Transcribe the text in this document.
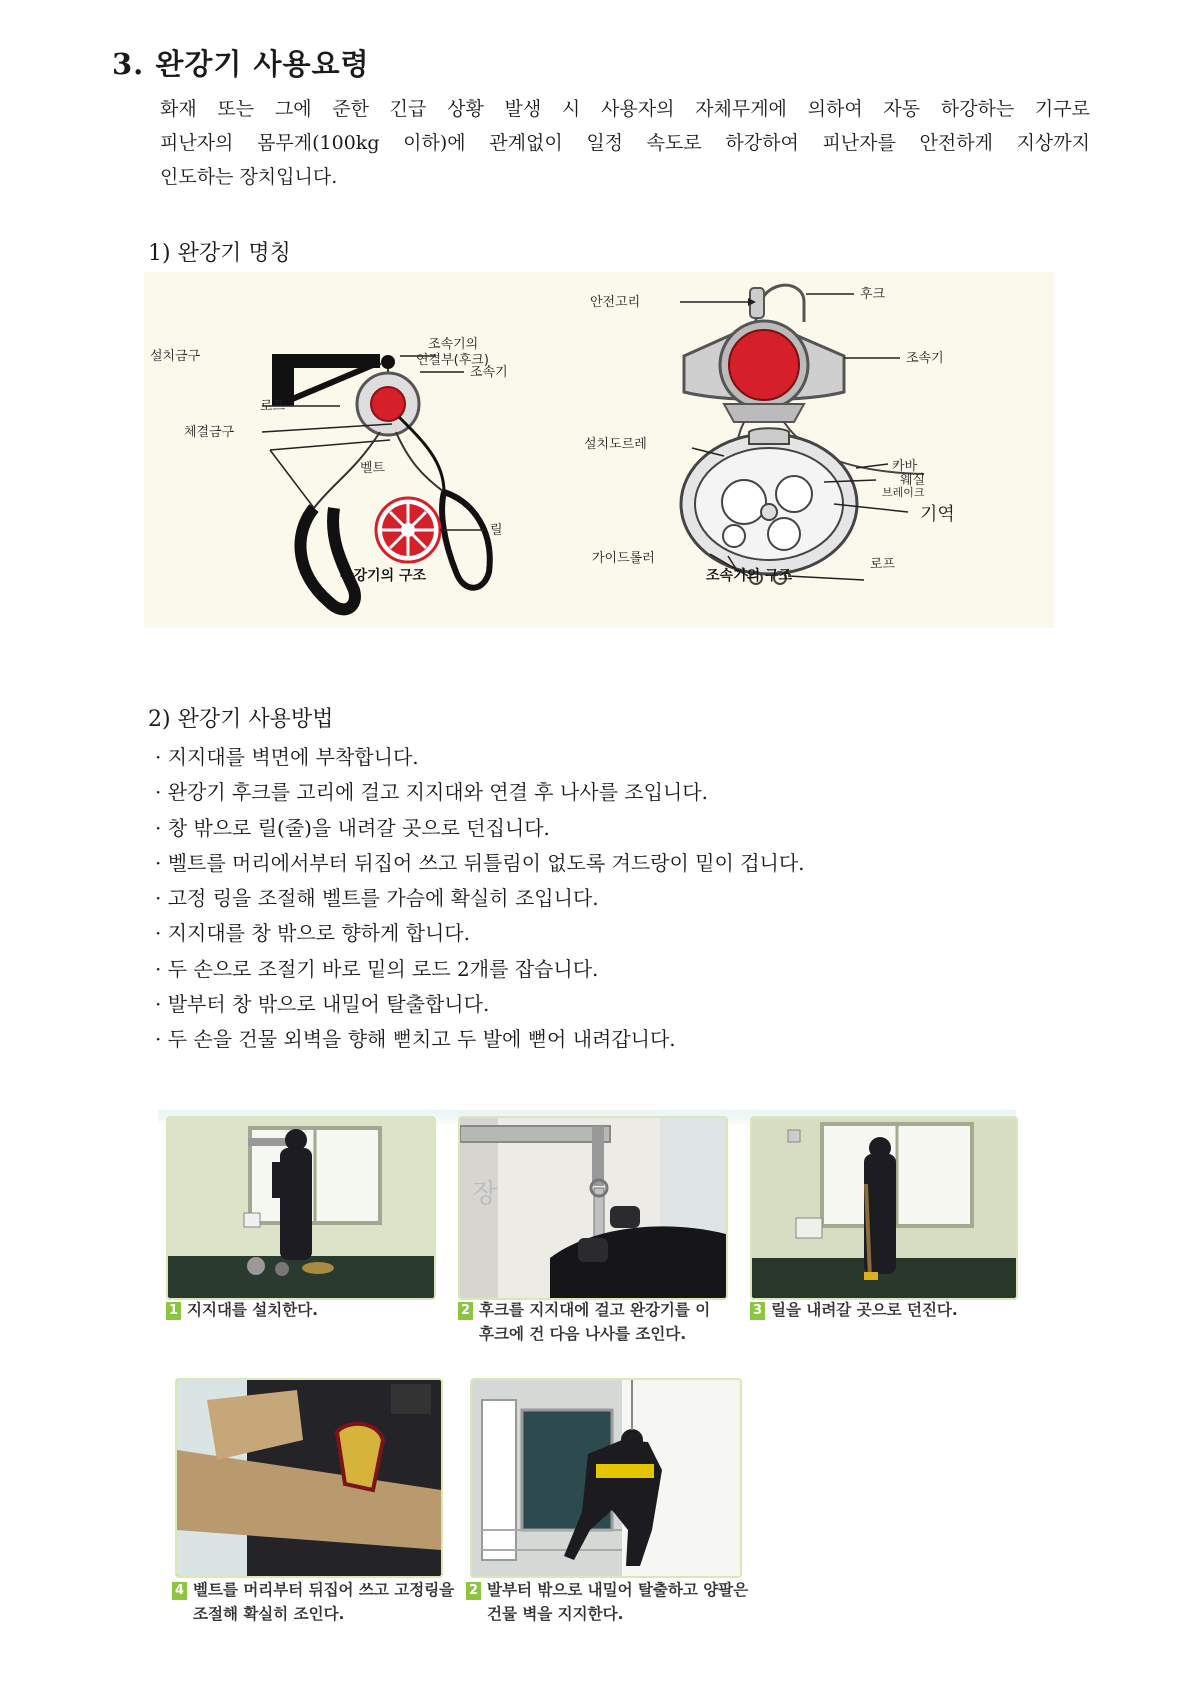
3. 완강기 사용요령

화재 또는 그에 준한 긴급 상황 발생 시 사용자의 자체무게에 의하여 자동 하강하는 기구로

피난자의 몸무게(100kg 이하)에 관계없이 일정 속도로 하강하여 피난자를 안전하게 지상까지

인도하는 장치입니다.

1) 완강기 명칭
설치금구
조속기의
연결부(후크)
조속기
로프
체결금구
벨트
릴
완강기의 구조
안전고리
후크
조속기
설치도르레
카바
웨실
브레이크
기역
가이드롤러	로프
조속기의 구조
2) 완강기 사용방법
· 지지대를 벽면에 부착합니다.
· 완강기 후크를 고리에 걸고 지지대와 연결 후 나사를 조입니다.
· 창 밖으로 릴(줄)을 내려갈 곳으로 던집니다.
· 벨트를 머리에서부터 뒤집어 쓰고 뒤틀림이 없도록 겨드랑이 밑이 겁니다.
· 고정 링을 조절해 벨트를 가슴에 확실히 조입니다.
· 지지대를 창 밖으로 향하게 합니다.
· 두 손으로 조절기 바로 밑의 로드 2개를 잡습니다.
· 발부터 창 밖으로 내밀어 탈출합니다.
· 두 손을 건물 외벽을 향해 뻗치고 두 발에 뻗어 내려갑니다.
1 지지대를 설치한다.
장
2 후크를 지지대에 걸고 완강기를 이
후크에 건 다음 나사를 조인다.
3 릴을 내려갈 곳으로 던진다.
4 벨트를 머리부터 뒤집어 쓰고 고정링을
조절해 확실히 조인다.
2 발부터 밖으로 내밀어 탈출하고 양팔은
건물 벽을 지지한다.
